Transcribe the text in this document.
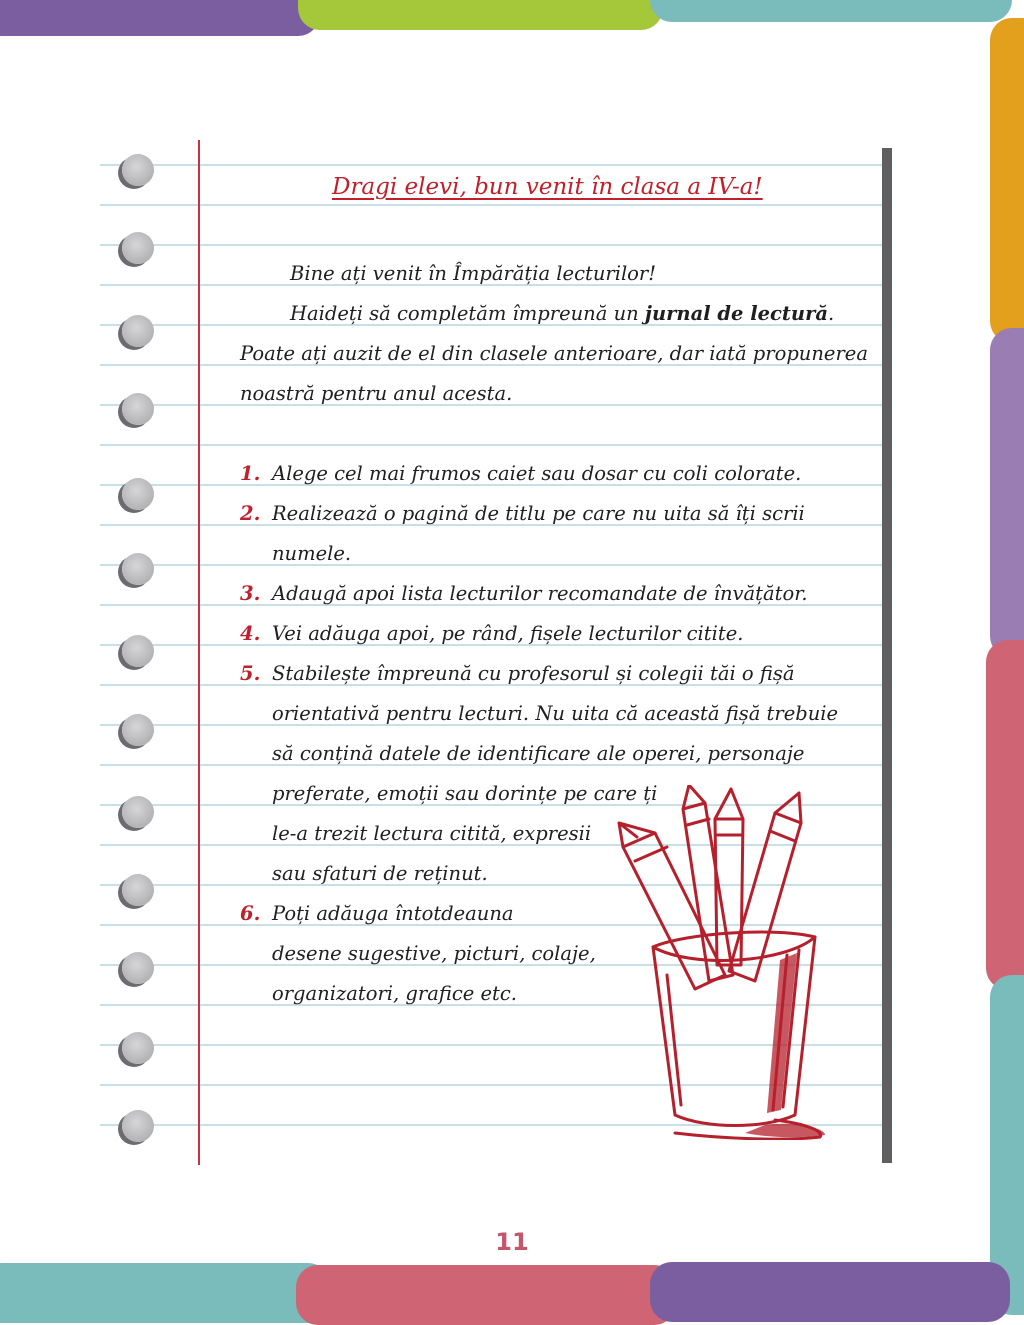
Dragi elevi, bun venit în clasa a IV-a!
Bine ați venit în Împărăția lecturilor!
Haideți să completăm împreună un jurnal de lectură.
Poate ați auzit de el din clasele anterioare, dar iată propunerea
noastră pentru anul acesta.
1. Alege cel mai frumos caiet sau dosar cu coli colorate.
2. Realizează o pagină de titlu pe care nu uita să îți scrii
numele.
3. Adaugă apoi lista lecturilor recomandate de învățător.
4. Vei adăuga apoi, pe rând, fișele lecturilor citite.
5. Stabilește împreună cu profesorul și colegii tăi o fișă
orientativă pentru lecturi. Nu uita că această fișă trebuie
să conțină datele de identificare ale operei, personaje
preferate, emoții sau dorințe pe care ți
le-a trezit lectura citită, expresii
sau sfaturi de reținut.
6. Poți adăuga întotdeauna
desene sugestive, picturi, colaje,
organizatori, grafice etc.
11
